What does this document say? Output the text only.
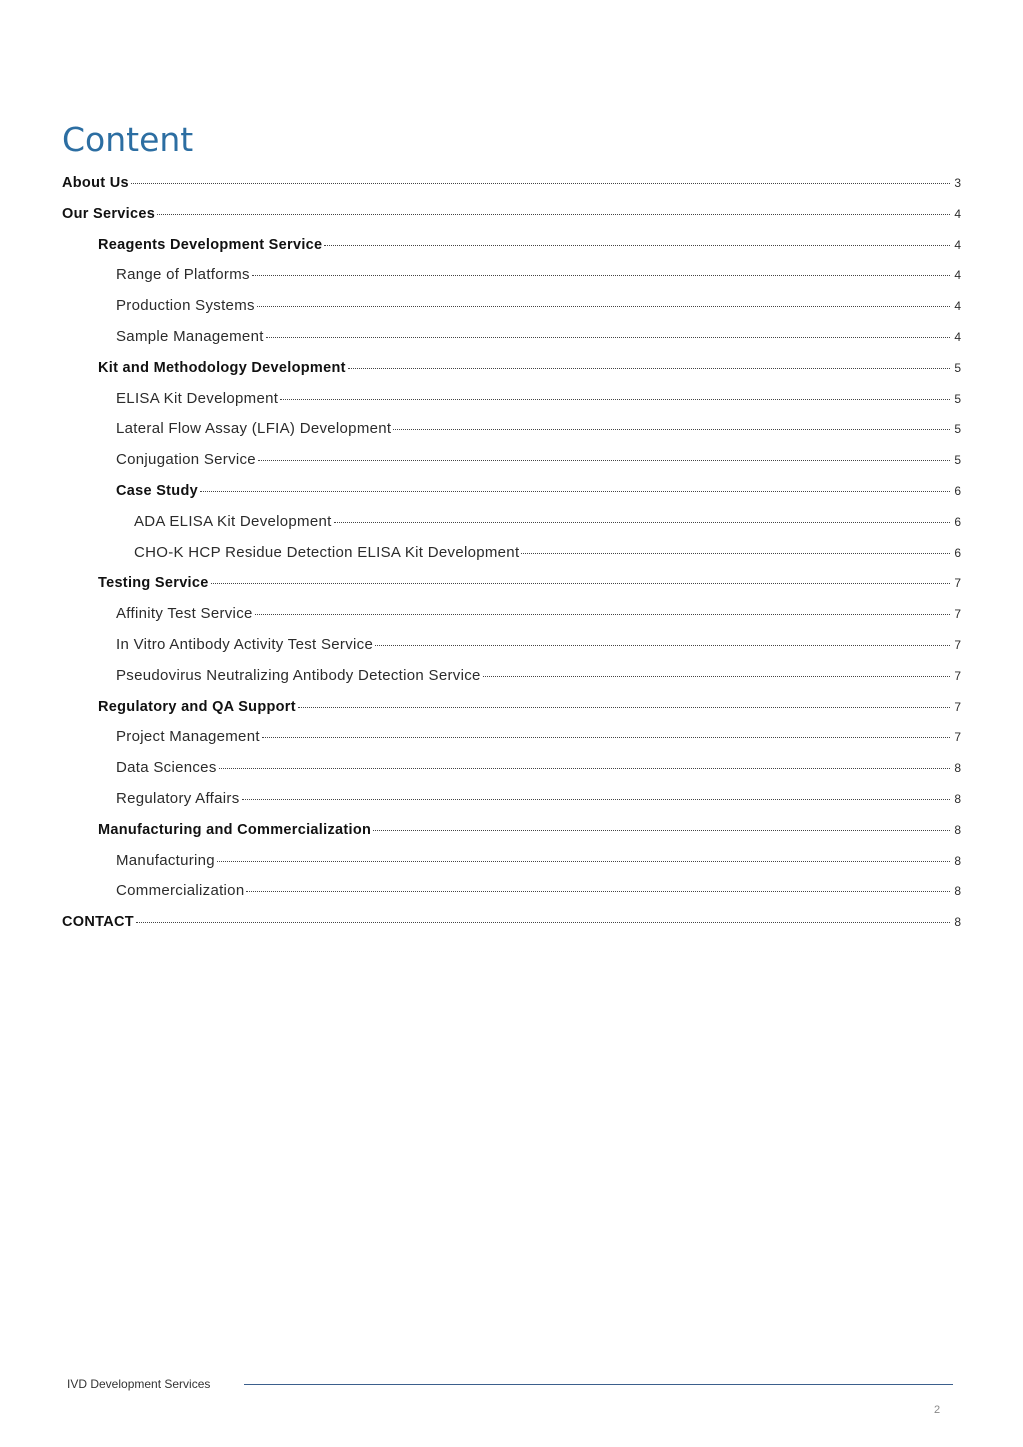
Content
About Us	3
Our Services	4
Reagents Development Service	4
Range of Platforms	4
Production Systems	4
Sample Management	4
Kit and Methodology Development	5
ELISA Kit Development	5
Lateral Flow Assay (LFIA) Development	5
Conjugation Service	5
Case Study	6
ADA ELISA Kit Development	6
CHO-K HCP Residue Detection ELISA Kit Development	6
Testing Service	7
Affinity Test Service	7
In Vitro Antibody Activity Test Service	7
Pseudovirus Neutralizing Antibody Detection Service	7
Regulatory and QA Support	7
Project Management	7
Data Sciences	8
Regulatory Affairs	8
Manufacturing and Commercialization	8
Manufacturing	8
Commercialization	8
CONTACT	8

IVD Development Services

2
